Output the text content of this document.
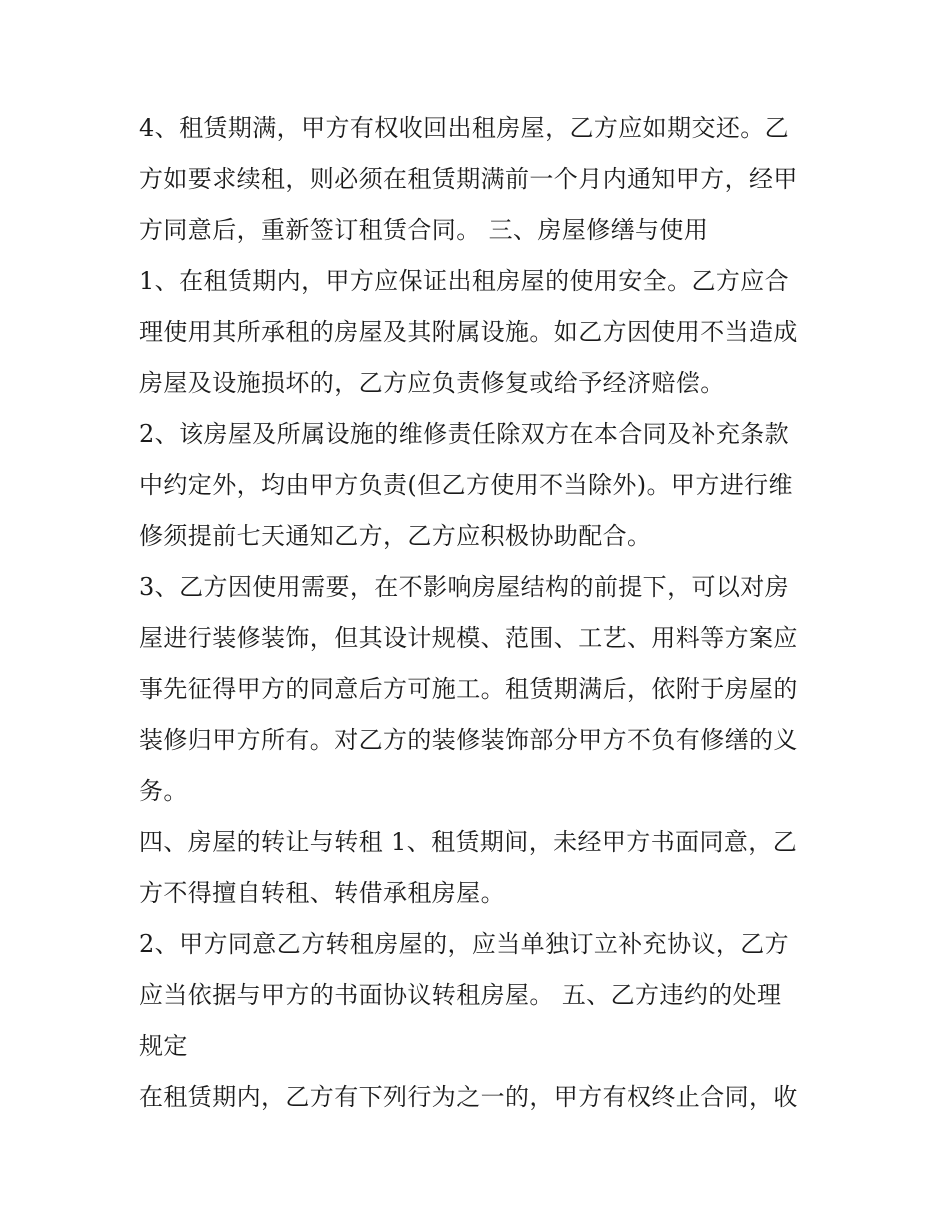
4、租赁期满，甲方有权收回出租房屋，乙方应如期交还。乙
方如要求续租，则必须在租赁期满前一个月内通知甲方，经甲
方同意后，重新签订租赁合同。 三、房屋修缮与使用
1、在租赁期内，甲方应保证出租房屋的使用安全。乙方应合
理使用其所承租的房屋及其附属设施。如乙方因使用不当造成
房屋及设施损坏的，乙方应负责修复或给予经济赔偿。
2、该房屋及所属设施的维修责任除双方在本合同及补充条款
中约定外，均由甲方负责(但乙方使用不当除外)。甲方进行维
修须提前七天通知乙方，乙方应积极协助配合。
3、乙方因使用需要，在不影响房屋结构的前提下，可以对房
屋进行装修装饰，但其设计规模、范围、工艺、用料等方案应
事先征得甲方的同意后方可施工。租赁期满后，依附于房屋的
装修归甲方所有。对乙方的装修装饰部分甲方不负有修缮的义
务。
四、房屋的转让与转租 1、租赁期间，未经甲方书面同意，乙
方不得擅自转租、转借承租房屋。
2、甲方同意乙方转租房屋的，应当单独订立补充协议，乙方
应当依据与甲方的书面协议转租房屋。 五、乙方违约的处理
规定
在租赁期内，乙方有下列行为之一的，甲方有权终止合同，收
